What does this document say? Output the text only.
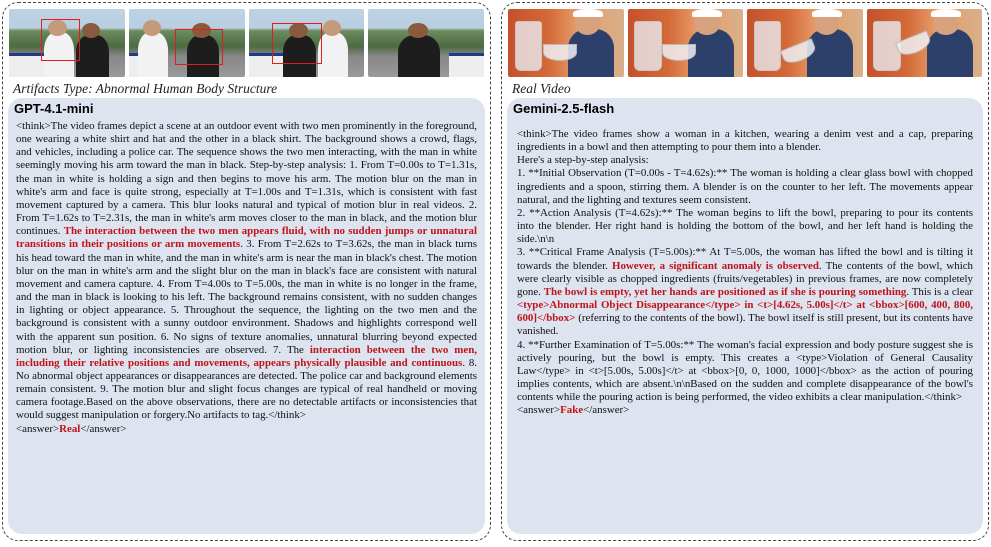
Artifacts Type: Abnormal Human Body Structure
GPT-4.1-mini

<think>The video frames depict a scene at an outdoor event with two men prominently in the foreground, one wearing a white shirt and hat and the other in a black shirt. The background shows a crowd, flags, and vehicles, including a police car. The sequence shows the two men interacting, with the man in white seemingly moving his arm toward the man in black. Step-by-step analysis: 1. From T=0.00s to T=1.31s, the man in white is holding a sign and then begins to move his arm. The motion blur on the man in white's arm and face is quite strong, especially at T=1.00s and T=1.31s, which is consistent with fast movement captured by a camera. This blur looks natural and typical of motion blur in real videos. 2. From T=1.62s to T=2.31s, the man in white's arm moves closer to the man in black, and the motion blur continues. The interaction between the two men appears fluid, with no sudden jumps or unnatural transitions in their positions or arm movements. 3. From T=2.62s to T=3.62s, the man in black turns his head toward the man in white, and the man in white's arm is near the man in black's chest. The motion blur on the man in white's arm and the slight blur on the man in black's face are consistent with natural movement and camera capture. 4. From T=4.00s to T=5.00s, the man in white is no longer in the frame, and the man in black is looking to his left. The background remains consistent, with no sudden changes in lighting or object appearance. 5. Throughout the sequence, the lighting on the two men and the background is consistent with a sunny outdoor environment. Shadows and highlights correspond well with the apparent sun position. 6. No signs of texture anomalies, unnatural blurring beyond expected motion blur, or lighting inconsistencies are observed. 7. The interaction between the two men, including their relative positions and movements, appears physically plausible and continuous. 8. No abnormal object appearances or disappearances are detected. The police car and background elements remain consistent. 9. The motion blur and slight focus changes are typical of real handheld or moving camera footage.Based on the above observations, there are no detectable artifacts or inconsistencies that would suggest manipulation or forgery.No artifacts to tag.</think>

<answer>Real</answer>

Real Video
Gemini-2.5-flash

<think>The video frames show a woman in a kitchen, wearing a denim vest and a cap, preparing ingredients in a bowl and then attempting to pour them into a blender.

Here's a step-by-step analysis:

1. **Initial Observation (T=0.00s - T=4.62s):** The woman is holding a clear glass bowl with chopped ingredients and a spoon, stirring them. A blender is on the counter to her left. The movements appear natural, and the lighting and textures seem consistent.

2. **Action Analysis (T=4.62s):** The woman begins to lift the bowl, preparing to pour its contents into the blender. Her right hand is holding the bottom of the bowl, and her left hand is holding the side.\n\n

3. **Critical Frame Analysis (T=5.00s):** At T=5.00s, the woman has lifted the bowl and is tilting it towards the blender. However, a significant anomaly is observed. The contents of the bowl, which were clearly visible as chopped ingredients (fruits/vegetables) in previous frames, are now completely gone. The bowl is empty, yet her hands are positioned as if she is pouring something. This is a clear <type>Abnormal Object Disappearance</type> in <t>[4.62s, 5.00s]</t> at <bbox>[600, 400, 800, 600]</bbox> (referring to the contents of the bowl). The bowl itself is still present, but its contents have vanished.

4. **Further Examination of T=5.00s:** The woman's facial expression and body posture suggest she is actively pouring, but the bowl is empty. This creates a <type>Violation of General Causality Law</type> in <t>[5.00s, 5.00s]</t> at <bbox>[0, 0, 1000, 1000]</bbox> as the action of pouring implies contents, which are absent.\n\nBased on the sudden and complete disappearance of the bowl's contents while the pouring action is being performed, the video exhibits a clear manipulation.</think>

<answer>Fake</answer>
